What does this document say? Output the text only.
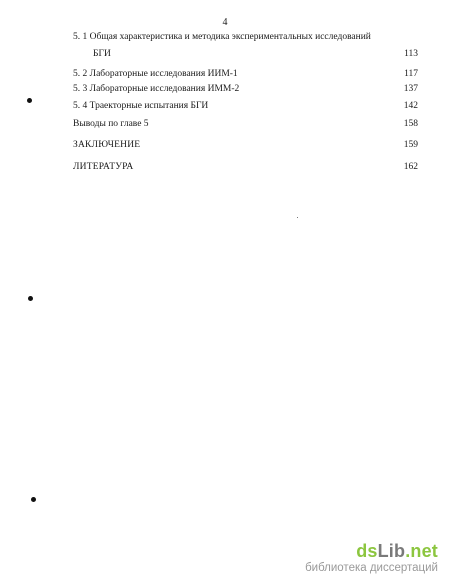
4
5. 1 Общая характеристика и методика экспериментальных исследований
БГИ	113
5. 2 Лабораторные исследования ИИМ-1	117
5. 3 Лабораторные исследования ИММ-2	137
5. 4 Траекторные испытания БГИ	142
Выводы по главе 5	158
ЗАКЛЮЧЕНИЕ	159
ЛИТЕРАТУРА	162
dsLib.net
библиотека диссертаций
